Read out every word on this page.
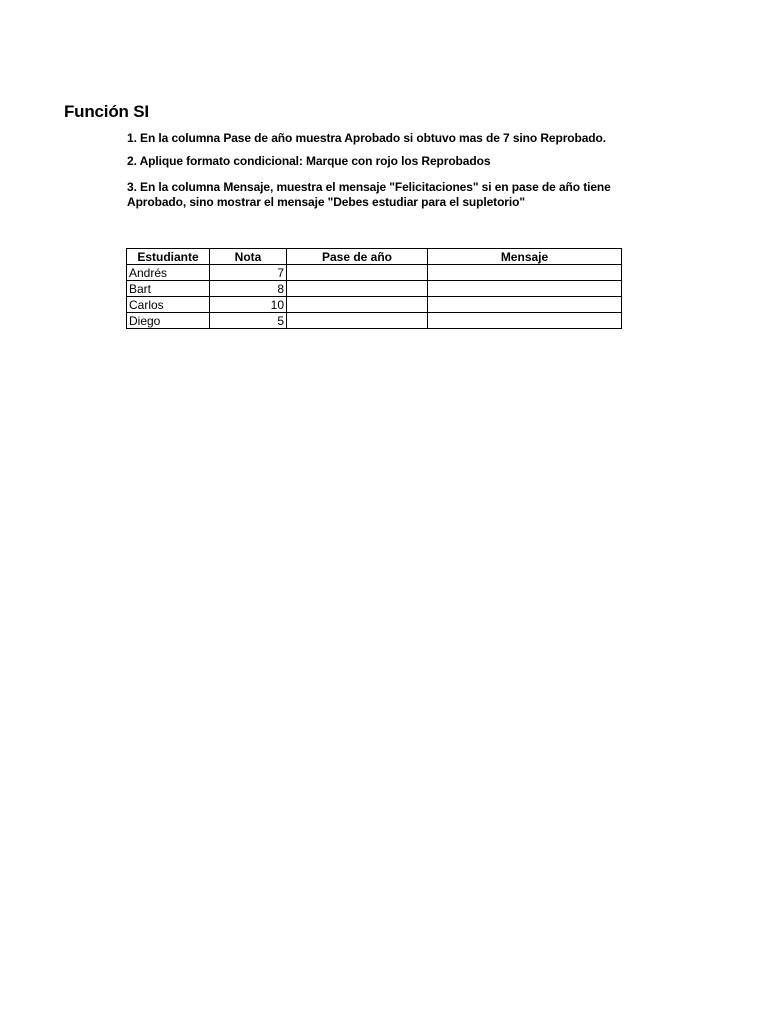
Función SI
1. En la columna Pase de año muestra Aprobado si obtuvo mas de 7 sino Reprobado.
2. Aplique formato condicional: Marque con rojo los Reprobados
3. En la columna Mensaje, muestra el mensaje "Felicitaciones" si en pase de año tiene Aprobado, sino mostrar el mensaje "Debes estudiar para el supletorio"
Estudiante	Nota	Pase de año	Mensaje
Andrés	7		
Bart	8		
Carlos	10		
Diego	5		
